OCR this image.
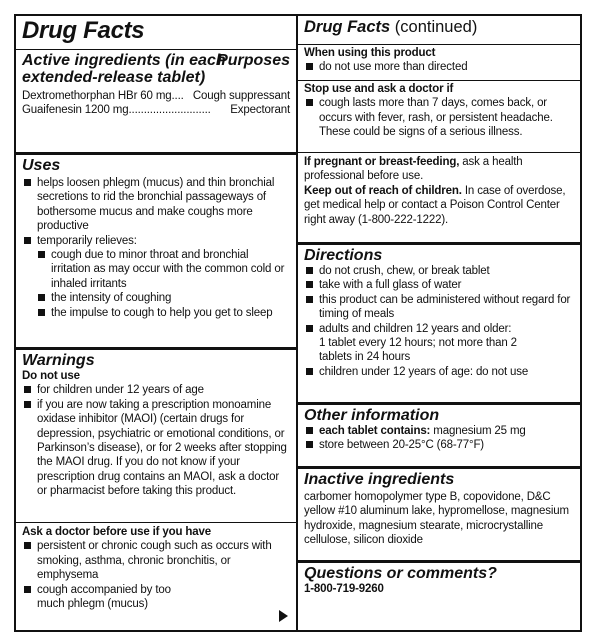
Drug Facts
Active ingredients (in each extended-release tablet)
Purposes
Dextromethorphan HBr 60 mg .... Cough suppressant
Guaifenesin 1200 mg ...........................	Expectorant
Uses
helps loosen phlegm (mucus) and thin bronchial secretions to rid the bronchial passageways of bothersome mucus and make coughs more productive
temporarily relieves:
cough due to minor throat and bronchial irritation as may occur with the common cold or inhaled irritants
the intensity of coughing
the impulse to cough to help you get to sleep
Warnings
Do not use
for children under 12 years of age
if you are now taking a prescription monoamine oxidase inhibitor (MAOI) (certain drugs for depression, psychiatric or emotional conditions, or Parkinson’s disease), or for 2 weeks after stopping the MAOI drug. If you do not know if your prescription drug contains an MAOI, ask a doctor or pharmacist before taking this product.
Ask a doctor before use if you have
persistent or chronic cough such as occurs with smoking, asthma, chronic bronchitis, or emphysema
cough accompanied by too much phlegm (mucus)
Drug Facts (continued)
When using this product
do not use more than directed
Stop use and ask a doctor if
cough lasts more than 7 days, comes back, or occurs with fever, rash, or persistent headache. These could be signs of a serious illness.
If pregnant or breast-feeding, ask a health professional before use.
Keep out of reach of children. In case of overdose, get medical help or contact a Poison Control Center right away (1-800-222-1222).
Directions
do not crush, chew, or break tablet
take with a full glass of water
this product can be administered without regard for timing of meals
adults and children 12 years and older:
1 tablet every 12 hours; not more than 2 tablets in 24 hours
children under 12 years of age: do not use
Other information
each tablet contains: magnesium 25 mg
store between 20-25°C (68-77°F)
Inactive ingredients
carbomer homopolymer type B, copovidone, D&C yellow #10 aluminum lake, hypromellose, magnesium hydroxide, magnesium stearate, microcrystalline cellulose, silicon dioxide
Questions or comments?
1-800-719-9260
